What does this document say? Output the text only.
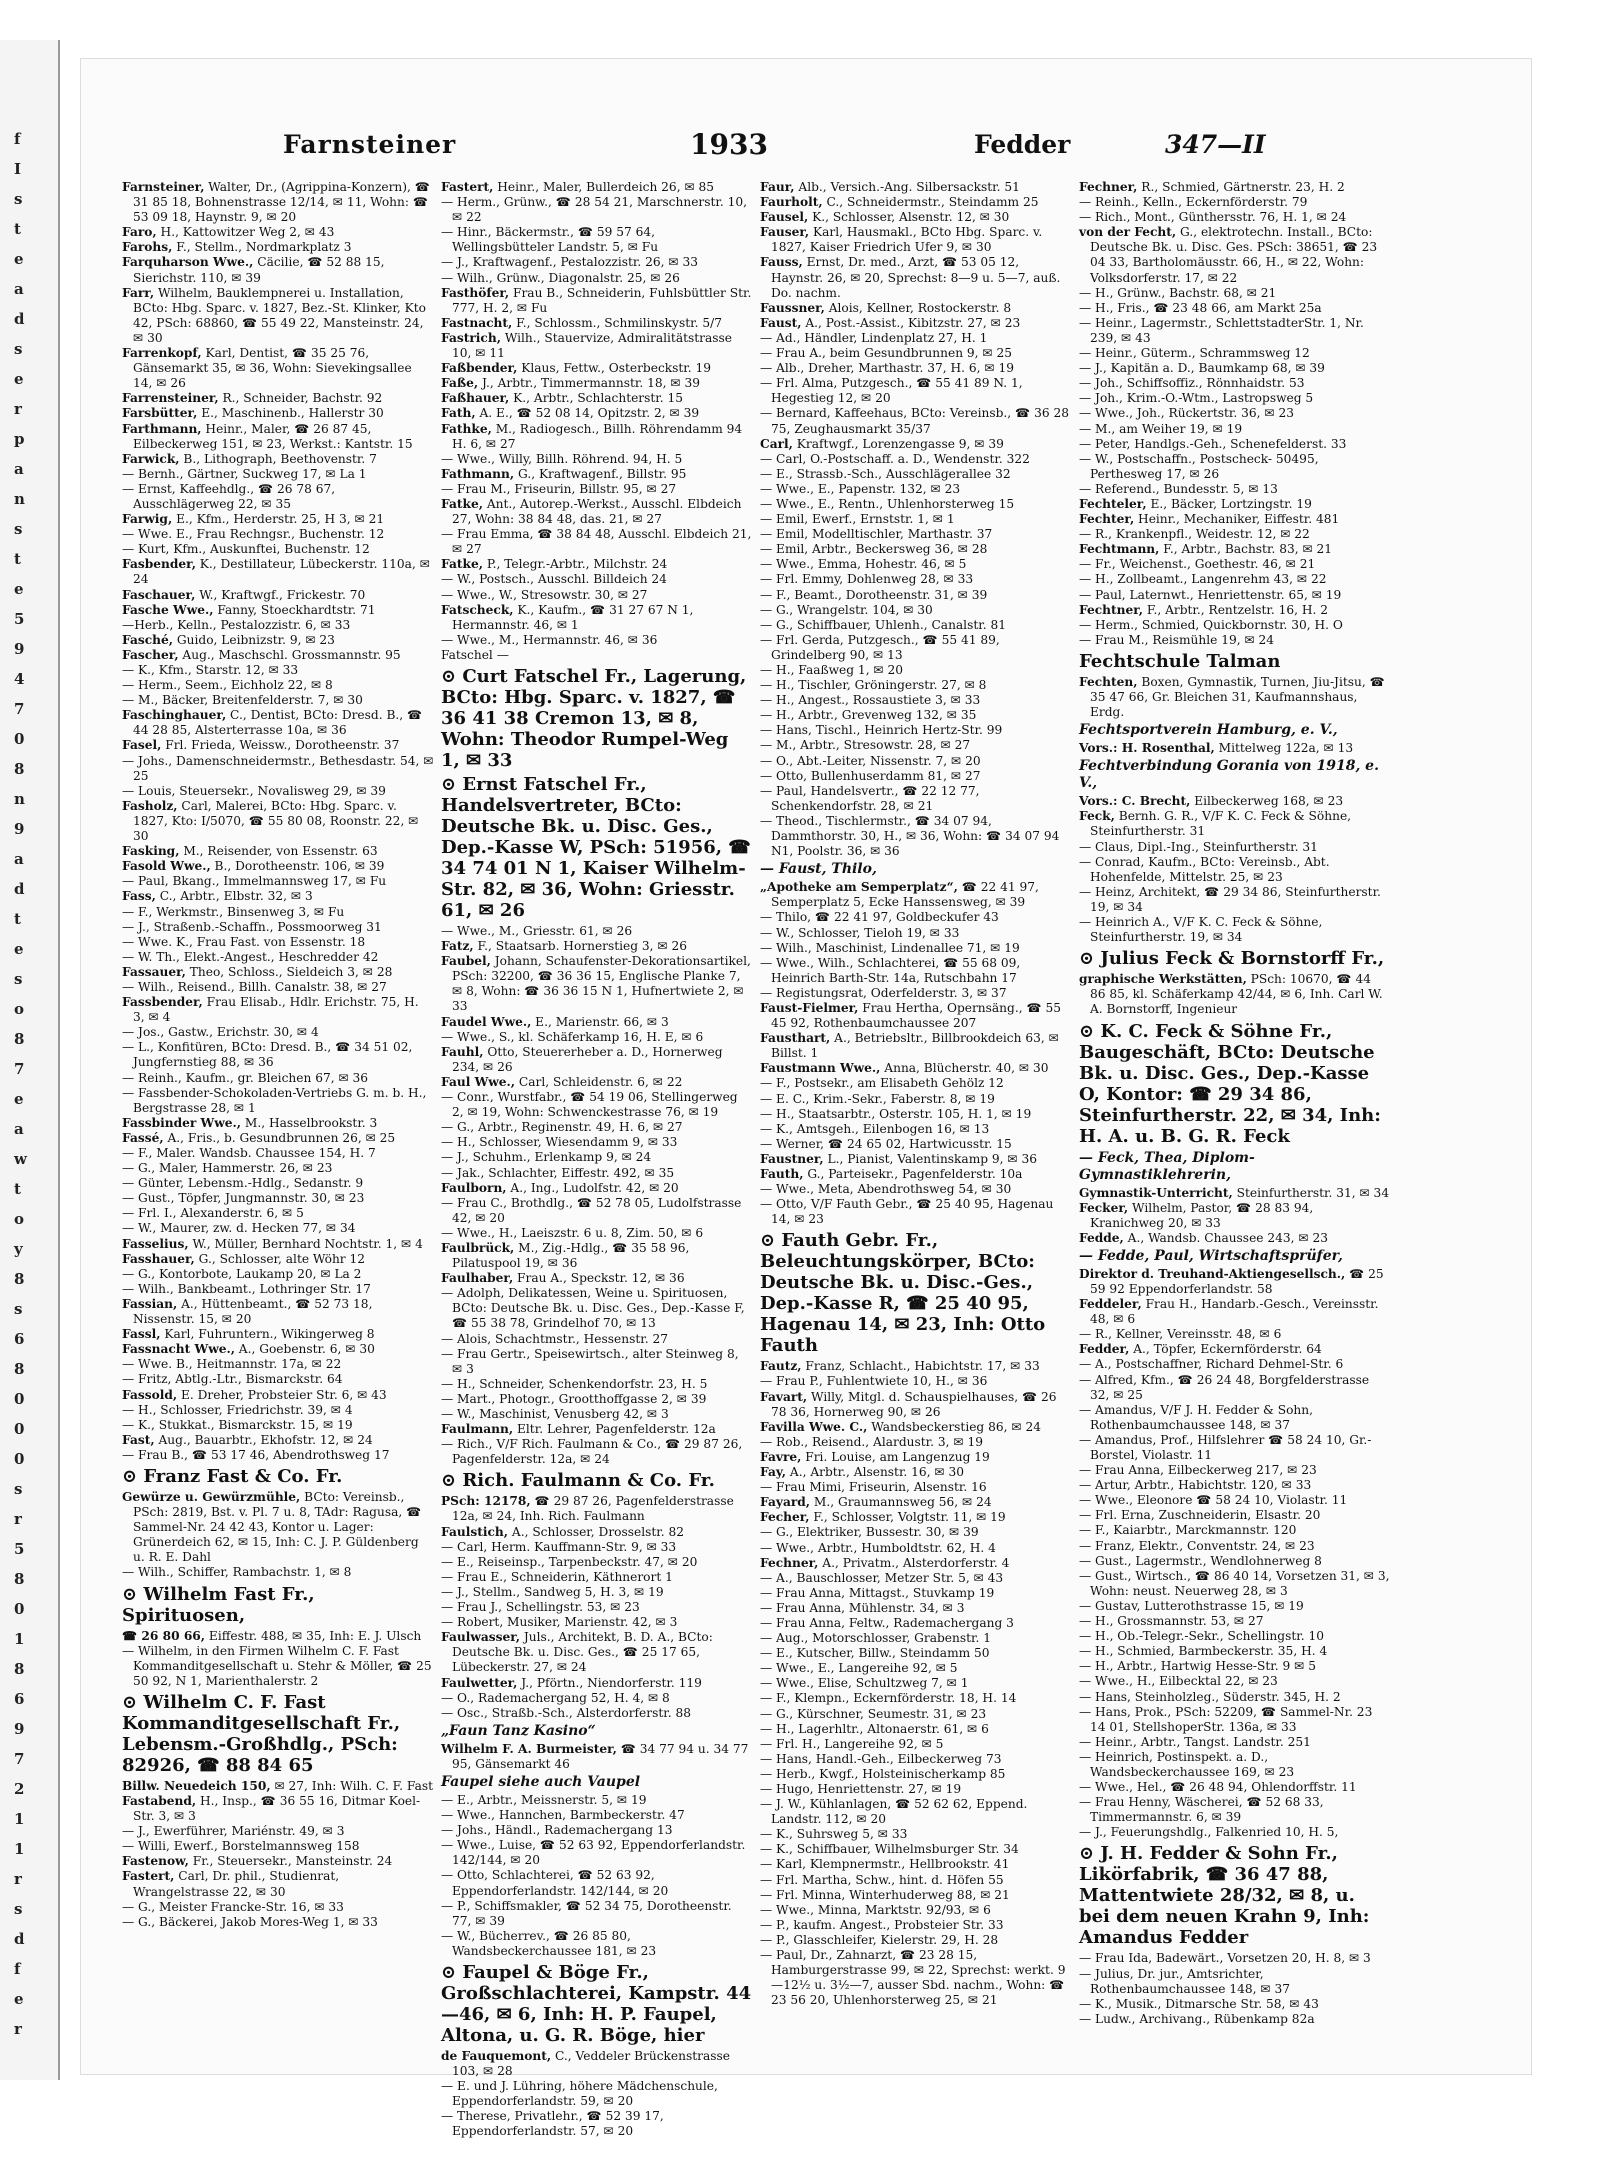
f
I
s
t
e
a
d
s
e
r
p
a
n
s
t
e
5
9
4
7
0
8
n
9
a
d
t
e
s
o
8
7
e
a
w
t
o
y
8
s
6
8
0
0
0
s
r
5
8
0
1
8
6
9
7
2
1
1
r
s
d
f
e
r
Farnsteiner	1933	Fedder	347—II
Farnsteiner, Walter, Dr., (Agrippina-Konzern), ☎ 31 85 18, Bohnenstrasse 12/14, ✉ 11, Wohn: ☎ 53 09 18, Haynstr. 9, ✉ 20
Faro, H., Kattowitzer Weg 2, ✉ 43
Farohs, F., Stellm., Nordmarkplatz 3
Farquharson Wwe., Cäcilie, ☎ 52 88 15, Sierichstr. 110, ✉ 39
Farr, Wilhelm, Bauklempnerei u. Installation, BCto: Hbg. Sparc. v. 1827, Bez.-St. Klinker, Kto 42, PSch: 68860, ☎ 55 49 22, Mansteinstr. 24, ✉ 30
Farrenkopf, Karl, Dentist, ☎ 35 25 76, Gänsemarkt 35, ✉ 36, Wohn: Sievekingsallee 14, ✉ 26
Farrensteiner, R., Schneider, Bachstr. 92
Farsbütter, E., Maschinenb., Hallerstr 30
Farthmann, Heinr., Maler, ☎ 26 87 45, Eilbeckerweg 151, ✉ 23, Werkst.: Kantstr. 15
Farwick, B., Lithograph, Beethovenstr. 7
— Bernh., Gärtner, Suckweg 17, ✉ La 1
— Ernst, Kaffeehdlg., ☎ 26 78 67, Ausschlägerweg 22, ✉ 35
Farwig, E., Kfm., Herderstr. 25, H 3, ✉ 21
— Wwe. E., Frau Rechngsr., Buchenstr. 12
— Kurt, Kfm., Auskunftei, Buchenstr. 12
Fasbender, K., Destillateur, Lübeckerstr. 110a, ✉ 24
Faschauer, W., Kraftwgf., Frickestr. 70
Fasche Wwe., Fanny, Stoeckhardtstr. 71
—Herb., Kelln., Pestalozzistr. 6, ✉ 33
Fasché, Guido, Leibnizstr. 9, ✉ 23
Fascher, Aug., Maschschl. Grossmannstr. 95
— K., Kfm., Starstr. 12, ✉ 33
— Herm., Seem., Eichholz 22, ✉ 8
— M., Bäcker, Breitenfelderstr. 7, ✉ 30
Faschinghauer, C., Dentist, BCto: Dresd. B., ☎ 44 28 85, Alsterterrasse 10a, ✉ 36
Fasel, Frl. Frieda, Weissw., Dorotheenstr. 37
— Johs., Damenschneidermstr., Bethesdastr. 54, ✉ 25
— Louis, Steuersekr., Novalisweg 29, ✉ 39
Fasholz, Carl, Malerei, BCto: Hbg. Sparc. v. 1827, Kto: I/5070, ☎ 55 80 08, Roonstr. 22, ✉ 30
Fasking, M., Reisender, von Essenstr. 63
Fasold Wwe., B., Dorotheenstr. 106, ✉ 39
— Paul, Bkang., Immelmannsweg 17, ✉ Fu
Fass, C., Arbtr., Elbstr. 32, ✉ 3
— F., Werkmstr., Binsenweg 3, ✉ Fu
— J., Straßenb.-Schaffn., Possmoorweg 31
— Wwe. K., Frau Fast. von Essenstr. 18
— W. Th., Elekt.-Angest., Heschredder 42
Fassauer, Theo, Schloss., Sieldeich 3, ✉ 28
— Wilh., Reisend., Billh. Canalstr. 38, ✉ 27
Fassbender, Frau Elisab., Hdlr. Erichstr. 75, H. 3, ✉ 4
— Jos., Gastw., Erichstr. 30, ✉ 4
— L., Konfitüren, BCto: Dresd. B., ☎ 34 51 02, Jungfernstieg 88, ✉ 36
— Reinh., Kaufm., gr. Bleichen 67, ✉ 36
— Fassbender-Schokoladen-Vertriebs G. m. b. H., Bergstrasse 28, ✉ 1
Fassbinder Wwe., M., Hasselbrookstr. 3
Fassé, A., Fris., b. Gesundbrunnen 26, ✉ 25
— F., Maler. Wandsb. Chaussee 154, H. 7
— G., Maler, Hammerstr. 26, ✉ 23
— Günter, Lebensm.-Hdlg., Sedanstr. 9
— Gust., Töpfer, Jungmannstr. 30, ✉ 23
— Frl. I., Alexanderstr. 6, ✉ 5
— W., Maurer, zw. d. Hecken 77, ✉ 34
Fasselius, W., Müller, Bernhard Nochtstr. 1, ✉ 4
Fasshauer, G., Schlosser, alte Wöhr 12
— G., Kontorbote, Laukamp 20, ✉ La 2
— Wilh., Bankbeamt., Lothringer Str. 17
Fassian, A., Hüttenbeamt., ☎ 52 73 18, Nissenstr. 15, ✉ 20
Fassl, Karl, Fuhruntern., Wikingerweg 8
Fassnacht Wwe., A., Goebenstr. 6, ✉ 30
— Wwe. B., Heitmannstr. 17a, ✉ 22
— Fritz, Abtlg.-Ltr., Bismarckstr. 64
Fassold, E. Dreher, Probsteier Str. 6, ✉ 43
— H., Schlosser, Friedrichstr. 39, ✉ 4
— K., Stukkat., Bismarckstr. 15, ✉ 19
Fast, Aug., Bauarbtr., Ekhofstr. 12, ✉ 24
— Frau B., ☎ 53 17 46, Abendrothsweg 17
⊙ Franz Fast & Co. Fr.
Gewürze u. Gewürzmühle, BCto: Vereinsb., PSch: 2819, Bst. v. Pl. 7 u. 8, TAdr: Ragusa, ☎ Sammel-Nr. 24 42 43, Kontor u. Lager: Grünerdeich 62, ✉ 15, Inh: C. J. P. Güldenberg u. R. E. Dahl
— Wilh., Schiffer, Rambachstr. 1, ✉ 8
⊙ Wilhelm Fast Fr., Spirituosen,
☎ 26 80 66, Eiffestr. 488, ✉ 35, Inh: E. J. Ulsch
— Wilhelm, in den Firmen Wilhelm C. F. Fast Kommanditgesellschaft u. Stehr & Möller, ☎ 25 50 92, N 1, Marienthalerstr. 2
⊙ Wilhelm C. F. Fast Kommanditgesellschaft Fr., Lebensm.-Großhdlg., PSch: 82926, ☎ 88 84 65
Billw. Neuedeich 150, ✉ 27, Inh: Wilh. C. F. Fast
Fastabend, H., Insp., ☎ 36 55 16, Ditmar Koel-Str. 3, ✉ 3
— J., Ewerführer, Mariénstr. 49, ✉ 3
— Willi, Ewerf., Borstelmannsweg 158
Fastenow, Fr., Steuersekr., Mansteinstr. 24
Fastert, Carl, Dr. phil., Studienrat, Wrangelstrasse 22, ✉ 30
— G., Meister Francke-Str. 16, ✉ 33
— G., Bäckerei, Jakob Mores-Weg 1, ✉ 33
Fastert, Heinr., Maler, Bullerdeich 26, ✉ 85
— Herm., Grünw., ☎ 28 54 21, Marschnerstr. 10, ✉ 22
— Hinr., Bäckermstr., ☎ 59 57 64, Wellingsbütteler Landstr. 5, ✉ Fu
— J., Kraftwagenf., Pestalozzistr. 26, ✉ 33
— Wilh., Grünw., Diagonalstr. 25, ✉ 26
Fasthöfer, Frau B., Schneiderin, Fuhlsbüttler Str. 777, H. 2, ✉ Fu
Fastnacht, F., Schlossm., Schmilinskystr. 5/7
Fastrich, Wilh., Stauervize, Admiralitätstrasse 10, ✉ 11
Faßbender, Klaus, Fettw., Osterbeckstr. 19
Faße, J., Arbtr., Timmermannstr. 18, ✉ 39
Faßhauer, K., Arbtr., Schlachterstr. 15
Fath, A. E., ☎ 52 08 14, Opitzstr. 2, ✉ 39
Fathke, M., Radiogesch., Billh. Röhrendamm 94 H. 6, ✉ 27
— Wwe., Willy, Billh. Röhrend. 94, H. 5
Fathmann, G., Kraftwagenf., Billstr. 95
— Frau M., Friseurin, Billstr. 95, ✉ 27
Fatke, Ant., Autorep.-Werkst., Ausschl. Elbdeich 27, Wohn: 38 84 48, das. 21, ✉ 27
— Frau Emma, ☎ 38 84 48, Ausschl. Elbdeich 21, ✉ 27
Fatke, P., Telegr.-Arbtr., Milchstr. 24
— W., Postsch., Ausschl. Billdeich 24
— Wwe., W., Stresowstr. 30, ✉ 27
Fatscheck, K., Kaufm., ☎ 31 27 67 N 1, Hermannstr. 46, ✉ 1
— Wwe., M., Hermannstr. 46, ✉ 36
Fatschel —
⊙ Curt Fatschel Fr., Lagerung, BCto: Hbg. Sparc. v. 1827, ☎ 36 41 38 Cremon 13, ✉ 8, Wohn: Theodor Rumpel-Weg 1, ✉ 33
⊙ Ernst Fatschel Fr., Handelsvertreter, BCto: Deutsche Bk. u. Disc. Ges., Dep.-Kasse W, PSch: 51956, ☎ 34 74 01 N 1, Kaiser Wilhelm-Str. 82, ✉ 36, Wohn: Griesstr. 61, ✉ 26
— Wwe., M., Griesstr. 61, ✉ 26
Fatz, F., Staatsarb. Hornerstieg 3, ✉ 26
Faubel, Johann, Schaufenster-Dekorationsartikel, PSch: 32200, ☎ 36 36 15, Englische Planke 7, ✉ 8, Wohn: ☎ 36 36 15 N 1, Hufnertwiete 2, ✉ 33
Faudel Wwe., E., Marienstr. 66, ✉ 3
— Wwe., S., kl. Schäferkamp 16, H. E, ✉ 6
Fauhl, Otto, Steuererheber a. D., Hornerweg 234, ✉ 26
Faul Wwe., Carl, Schleidenstr. 6, ✉ 22
— Conr., Wurstfabr., ☎ 54 19 06, Stellingerweg 2, ✉ 19, Wohn: Schwenckestrasse 76, ✉ 19
— G., Arbtr., Reginenstr. 49, H. 6, ✉ 27
— H., Schlosser, Wiesendamm 9, ✉ 33
— J., Schuhm., Erlenkamp 9, ✉ 24
— Jak., Schlachter, Eiffestr. 492, ✉ 35
Faulborn, A., Ing., Ludolfstr. 42, ✉ 20
— Frau C., Brothdlg., ☎ 52 78 05, Ludolfstrasse 42, ✉ 20
— Wwe., H., Laeiszstr. 6 u. 8, Zim. 50, ✉ 6
Faulbrück, M., Zig.-Hdlg., ☎ 35 58 96, Pilatuspool 19, ✉ 36
Faulhaber, Frau A., Speckstr. 12, ✉ 36
— Adolph, Delikatessen, Weine u. Spirituosen, BCto: Deutsche Bk. u. Disc. Ges., Dep.-Kasse F, ☎ 55 38 78, Grindelhof 70, ✉ 13
— Alois, Schachtmstr., Hessenstr. 27
— Frau Gertr., Speisewirtsch., alter Steinweg 8, ✉ 3
— H., Schneider, Schenkendorfstr. 23, H. 5
— Mart., Photogr., Grootthoffgasse 2, ✉ 39
— W., Maschinist, Venusberg 42, ✉ 3
Faulmann, Eltr. Lehrer, Pagenfelderstr. 12a
— Rich., V/F Rich. Faulmann & Co., ☎ 29 87 26, Pagenfelderstr. 12a, ✉ 24
⊙ Rich. Faulmann & Co. Fr.
PSch: 12178, ☎ 29 87 26, Pagenfelderstrasse 12a, ✉ 24, Inh. Rich. Faulmann
Faulstich, A., Schlosser, Drosselstr. 82
— Carl, Herm. Kauffmann-Str. 9, ✉ 33
— E., Reiseinsp., Tarpenbeckstr. 47, ✉ 20
— Frau E., Schneiderin, Käthnerort 1
— J., Stellm., Sandweg 5, H. 3, ✉ 19
— Frau J., Schellingstr. 53, ✉ 23
— Robert, Musiker, Marienstr. 42, ✉ 3
Faulwasser, Juls., Architekt, B. D. A., BCto: Deutsche Bk. u. Disc. Ges., ☎ 25 17 65, Lübeckerstr. 27, ✉ 24
Faulwetter, J., Pförtn., Niendorferstr. 119
— O., Rademachergang 52, H. 4, ✉ 8
— Osc., Straßb.-Sch., Alsterdorferstr. 88
„Faun Tanz Kasino“
Wilhelm F. A. Burmeister, ☎ 34 77 94 u. 34 77 95, Gänsemarkt 46
Faupel siehe auch Vaupel
— E., Arbtr., Meissnerstr. 5, ✉ 19
— Wwe., Hannchen, Barmbeckerstr. 47
— Johs., Händl., Rademachergang 13
— Wwe., Luise, ☎ 52 63 92, Eppendorferlandstr. 142/144, ✉ 20
— Otto, Schlachterei, ☎ 52 63 92, Eppendorferlandstr. 142/144, ✉ 20
— P., Schiffsmakler, ☎ 52 34 75, Dorotheenstr. 77, ✉ 39
— W., Bücherrev., ☎ 26 85 80, Wandsbeckerchaussee 181, ✉ 23
⊙ Faupel & Böge Fr., Großschlachterei, Kampstr. 44—46, ✉ 6, Inh: H. P. Faupel, Altona, u. G. R. Böge, hier
de Fauquemont, C., Veddeler Brückenstrasse 103, ✉ 28
— E. und J. Lühring, höhere Mädchenschule, Eppendorferlandstr. 59, ✉ 20
— Therese, Privatlehr., ☎ 52 39 17, Eppendorferlandstr. 57, ✉ 20
Faur, Alb., Versich.-Ang. Silbersackstr. 51
Faurholt, C., Schneidermstr., Steindamm 25
Fausel, K., Schlosser, Alsenstr. 12, ✉ 30
Fauser, Karl, Hausmakl., BCto Hbg. Sparc. v. 1827, Kaiser Friedrich Ufer 9, ✉ 30
Fauss, Ernst, Dr. med., Arzt, ☎ 53 05 12, Haynstr. 26, ✉ 20, Sprechst: 8—9 u. 5—7, auß. Do. nachm.
Faussner, Alois, Kellner, Rostockerstr. 8
Faust, A., Post.-Assist., Kibitzstr. 27, ✉ 23
— Ad., Händler, Lindenplatz 27, H. 1
— Frau A., beim Gesundbrunnen 9, ✉ 25
— Alb., Dreher, Marthastr. 37, H. 6, ✉ 19
— Frl. Alma, Putzgesch., ☎ 55 41 89 N. 1, Hegestieg 12, ✉ 20
— Bernard, Kaffeehaus, BCto: Vereinsb., ☎ 36 28 75, Zeughausmarkt 35/37
Carl, Kraftwgf., Lorenzengasse 9, ✉ 39
— Carl, O.-Postschaff. a. D., Wendenstr. 322
— E., Strassb.-Sch., Ausschlägerallee 32
— Wwe., E., Papenstr. 132, ✉ 23
— Wwe., E., Rentn., Uhlenhorsterweg 15
— Emil, Ewerf., Ernststr. 1, ✉ 1
— Emil, Modelltischler, Marthastr. 37
— Emil, Arbtr., Beckersweg 36, ✉ 28
— Wwe., Emma, Hohestr. 46, ✉ 5
— Frl. Emmy, Dohlenweg 28, ✉ 33
— F., Beamt., Dorotheenstr. 31, ✉ 39
— G., Wrangelstr. 104, ✉ 30
— G., Schiffbauer, Uhlenh., Canalstr. 81
— Frl. Gerda, Putzgesch., ☎ 55 41 89, Grindelberg 90, ✉ 13
— H., Faaßweg 1, ✉ 20
— H., Tischler, Gröningerstr. 27, ✉ 8
— H., Angest., Rossaustiete 3, ✉ 33
— H., Arbtr., Grevenweg 132, ✉ 35
— Hans, Tischl., Heinrich Hertz-Str. 99
— M., Arbtr., Stresowstr. 28, ✉ 27
— O., Abt.-Leiter, Nissenstr. 7, ✉ 20
— Otto, Bullenhuserdamm 81, ✉ 27
— Paul, Handelsvertr., ☎ 22 12 77, Schenkendorfstr. 28, ✉ 21
— Theod., Tischlermstr., ☎ 34 07 94, Dammthorstr. 30, H., ✉ 36, Wohn: ☎ 34 07 94 N1, Poolstr. 36, ✉ 36
— Faust, Thilo,
„Apotheke am Semperplatz“, ☎ 22 41 97, Semperplatz 5, Ecke Hanssensweg, ✉ 39
— Thilo, ☎ 22 41 97, Goldbeckufer 43
— W., Schlosser, Tieloh 19, ✉ 33
— Wilh., Maschinist, Lindenallee 71, ✉ 19
— Wwe., Wilh., Schlachterei, ☎ 55 68 09, Heinrich Barth-Str. 14a, Rutschbahn 17
— Registungsrat, Oderfelderstr. 3, ✉ 37
Faust-Fielmer, Frau Hertha, Opernsäng., ☎ 55 45 92, Rothenbaumchaussee 207
Fausthart, A., Betriebsltr., Billbrookdeich 63, ✉ Billst. 1
Faustmann Wwe., Anna, Blücherstr. 40, ✉ 30
— F., Postsekr., am Elisabeth Gehölz 12
— E. C., Krim.-Sekr., Faberstr. 8, ✉ 19
— H., Staatsarbtr., Osterstr. 105, H. 1, ✉ 19
— K., Amtsgeh., Eilenbogen 16, ✉ 13
— Werner, ☎ 24 65 02, Hartwicusstr. 15
Faustner, L., Pianist, Valentinskamp 9, ✉ 36
Fauth, G., Parteisekr., Pagenfelderstr. 10a
— Wwe., Meta, Abendrothsweg 54, ✉ 30
— Otto, V/F Fauth Gebr., ☎ 25 40 95, Hagenau 14, ✉ 23
⊙ Fauth Gebr. Fr., Beleuchtungskörper, BCto: Deutsche Bk. u. Disc.-Ges., Dep.-Kasse R, ☎ 25 40 95, Hagenau 14, ✉ 23, Inh: Otto Fauth
Fautz, Franz, Schlacht., Habichtstr. 17, ✉ 33
— Frau P., Fuhlentwiete 10, H., ✉ 36
Favart, Willy, Mitgl. d. Schauspielhauses, ☎ 26 78 36, Hornerweg 90, ✉ 26
Favilla Wwe. C., Wandsbeckerstieg 86, ✉ 24
— Rob., Reisend., Alardustr. 3, ✉ 19
Favre, Fri. Louise, am Langenzug 19
Fay, A., Arbtr., Alsenstr. 16, ✉ 30
— Frau Mimi, Friseurin, Alsenstr. 16
Fayard, M., Graumannsweg 56, ✉ 24
Fecher, F., Schlosser, Volgtstr. 11, ✉ 19
— G., Elektriker, Bussestr. 30, ✉ 39
— Wwe., Arbtr., Humboldtstr. 62, H. 4
Fechner, A., Privatm., Alsterdorferstr. 4
— A., Bauschlosser, Metzer Str. 5, ✉ 43
— Frau Anna, Mittagst., Stuvkamp 19
— Frau Anna, Mühlenstr. 34, ✉ 3
— Frau Anna, Feltw., Rademachergang 3
— Aug., Motorschlosser, Grabenstr. 1
— E., Kutscher, Billw., Steindamm 50
— Wwe., E., Langereihe 92, ✉ 5
— Wwe., Elise, Schultzweg 7, ✉ 1
— F., Klempn., Eckernförderstr. 18, H. 14
— G., Kürschner, Seumestr. 31, ✉ 23
— H., Lagerhltr., Altonaerstr. 61, ✉ 6
— Frl. H., Langereihe 92, ✉ 5
— Hans, Handl.-Geh., Eilbeckerweg 73
— Herb., Kwgf., Holsteinischerkamp 85
— Hugo, Henriettenstr. 27, ✉ 19
— J. W., Kühlanlagen, ☎ 52 62 62, Eppend. Landstr. 112, ✉ 20
— K., Suhrsweg 5, ✉ 33
— K., Schiffbauer, Wilhelmsburger Str. 34
— Karl, Klempnermstr., Hellbrookstr. 41
— Frl. Martha, Schw., hint. d. Höfen 55
— Frl. Minna, Winterhuderweg 88, ✉ 21
— Wwe., Minna, Marktstr. 92/93, ✉ 6
— P., kaufm. Angest., Probsteier Str. 33
— P., Glasschleifer, Kielerstr. 29, H. 28
— Paul, Dr., Zahnarzt, ☎ 23 28 15, Hamburgerstrasse 99, ✉ 22, Sprechst: werkt. 9—12½ u. 3½—7, ausser Sbd. nachm., Wohn: ☎ 23 56 20, Uhlenhorsterweg 25, ✉ 21
Fechner, R., Schmied, Gärtnerstr. 23, H. 2
— Reinh., Kelln., Eckernförderstr. 79
— Rich., Mont., Günthersstr. 76, H. 1, ✉ 24
von der Fecht, G., elektrotechn. Install., BCto: Deutsche Bk. u. Disc. Ges. PSch: 38651, ☎ 23 04 33, Bartholomäusstr. 66, H., ✉ 22, Wohn: Volksdorferstr. 17, ✉ 22
— H., Grünw., Bachstr. 68, ✉ 21
— H., Fris., ☎ 23 48 66, am Markt 25a
— Heinr., Lagermstr., SchlettstadterStr. 1, Nr. 239, ✉ 43
— Heinr., Güterm., Schrammsweg 12
— J., Kapitän a. D., Baumkamp 68, ✉ 39
— Joh., Schiffsoffiz., Rönnhaidstr. 53
— Joh., Krim.-O.-Wtm., Lastropsweg 5
— Wwe., Joh., Rückertstr. 36, ✉ 23
— M., am Weiher 19, ✉ 19
— Peter, Handlgs.-Geh., Schenefelderst. 33
— W., Postschaffn., Postscheck- 50495, Perthesweg 17, ✉ 26
— Referend., Bundesstr. 5, ✉ 13
Fechteler, E., Bäcker, Lortzingstr. 19
Fechter, Heinr., Mechaniker, Eiffestr. 481
— R., Krankenpfl., Weidestr. 12, ✉ 22
Fechtmann, F., Arbtr., Bachstr. 83, ✉ 21
— Fr., Weichenst., Goethestr. 46, ✉ 21
— H., Zollbeamt., Langenrehm 43, ✉ 22
— Paul, Laternwt., Henriettenstr. 65, ✉ 19
Fechtner, F., Arbtr., Rentzelstr. 16, H. 2
— Herm., Schmied, Quickbornstr. 30, H. O
— Frau M., Reismühle 19, ✉ 24
Fechtschule Talman
Fechten, Boxen, Gymnastik, Turnen, Jiu-Jitsu, ☎ 35 47 66, Gr. Bleichen 31, Kaufmannshaus, Erdg.
Fechtsportverein Hamburg, e. V.,
Vors.: H. Rosenthal, Mittelweg 122a, ✉ 13
Fechtverbindung Gorania von 1918, e. V.,
Vors.: C. Brecht, Eilbeckerweg 168, ✉ 23
Feck, Bernh. G. R., V/F K. C. Feck & Söhne, Steinfurtherstr. 31
— Claus, Dipl.-Ing., Steinfurtherstr. 31
— Conrad, Kaufm., BCto: Vereinsb., Abt. Hohenfelde, Mittelstr. 25, ✉ 23
— Heinz, Architekt, ☎ 29 34 86, Steinfurtherstr. 19, ✉ 34
— Heinrich A., V/F K. C. Feck & Söhne, Steinfurtherstr. 19, ✉ 34
⊙ Julius Feck & Bornstorff Fr.,
graphische Werkstätten, PSch: 10670, ☎ 44 86 85, kl. Schäferkamp 42/44, ✉ 6, Inh. Carl W. A. Bornstorff, Ingenieur
⊙ K. C. Feck & Söhne Fr., Baugeschäft, BCto: Deutsche Bk. u. Disc. Ges., Dep.-Kasse O, Kontor: ☎ 29 34 86, Steinfurtherstr. 22, ✉ 34, Inh: H. A. u. B. G. R. Feck
— Feck, Thea, Diplom-Gymnastiklehrerin,
Gymnastik-Unterricht, Steinfurtherstr. 31, ✉ 34
Fecker, Wilhelm, Pastor, ☎ 28 83 94, Kranichweg 20, ✉ 33
Fedde, A., Wandsb. Chaussee 243, ✉ 23
— Fedde, Paul, Wirtschaftsprüfer,
Direktor d. Treuhand-Aktiengesellsch., ☎ 25 59 92 Eppendorferlandstr. 58
Feddeler, Frau H., Handarb.-Gesch., Vereinsstr. 48, ✉ 6
— R., Kellner, Vereinsstr. 48, ✉ 6
Fedder, A., Töpfer, Eckernförderstr. 64
— A., Postschaffner, Richard Dehmel-Str. 6
— Alfred, Kfm., ☎ 26 24 48, Borgfelderstrasse 32, ✉ 25
— Amandus, V/F J. H. Fedder & Sohn, Rothenbaumchaussee 148, ✉ 37
— Amandus, Prof., Hilfslehrer ☎ 58 24 10, Gr.-Borstel, Violastr. 11
— Frau Anna, Eilbeckerweg 217, ✉ 23
— Artur, Arbtr., Habichtstr. 120, ✉ 33
— Wwe., Eleonore ☎ 58 24 10, Violastr. 11
— Frl. Erna, Zuschneiderin, Elsastr. 20
— F., Kaiarbtr., Marckmannstr. 120
— Franz, Elektr., Conventstr. 24, ✉ 23
— Gust., Lagermstr., Wendlohnerweg 8
— Gust., Wirtsch., ☎ 86 40 14, Vorsetzen 31, ✉ 3, Wohn: neust. Neuerweg 28, ✉ 3
— Gustav, Lutterothstrasse 15, ✉ 19
— H., Grossmannstr. 53, ✉ 27
— H., Ob.-Telegr.-Sekr., Schellingstr. 10
— H., Schmied, Barmbeckerstr. 35, H. 4
— H., Arbtr., Hartwig Hesse-Str. 9 ✉ 5
— Wwe., H., Eilbecktal 22, ✉ 23
— Hans, Steinholzleg., Süderstr. 345, H. 2
— Hans, Prok., PSch: 52209, ☎ Sammel-Nr. 23 14 01, StellshoperStr. 136a, ✉ 33
— Heinr., Arbtr., Tangst. Landstr. 251
— Heinrich, Postinspekt. a. D., Wandsbeckerchaussee 169, ✉ 23
— Wwe., Hel., ☎ 26 48 94, Ohlendorffstr. 11
— Frau Henny, Wäscherei, ☎ 52 68 33, Timmermannstr. 6, ✉ 39
— J., Feuerungshdlg., Falkenried 10, H. 5,
⊙ J. H. Fedder & Sohn Fr., Likörfabrik, ☎ 36 47 88, Mattentwiete 28/32, ✉ 8, u. bei dem neuen Krahn 9, Inh: Amandus Fedder
— Frau Ida, Badewärt., Vorsetzen 20, H. 8, ✉ 3
— Julius, Dr. jur., Amtsrichter, Rothenbaumchaussee 148, ✉ 37
— K., Musik., Ditmarsche Str. 58, ✉ 43
— Ludw., Archivang., Rübenkamp 82a
